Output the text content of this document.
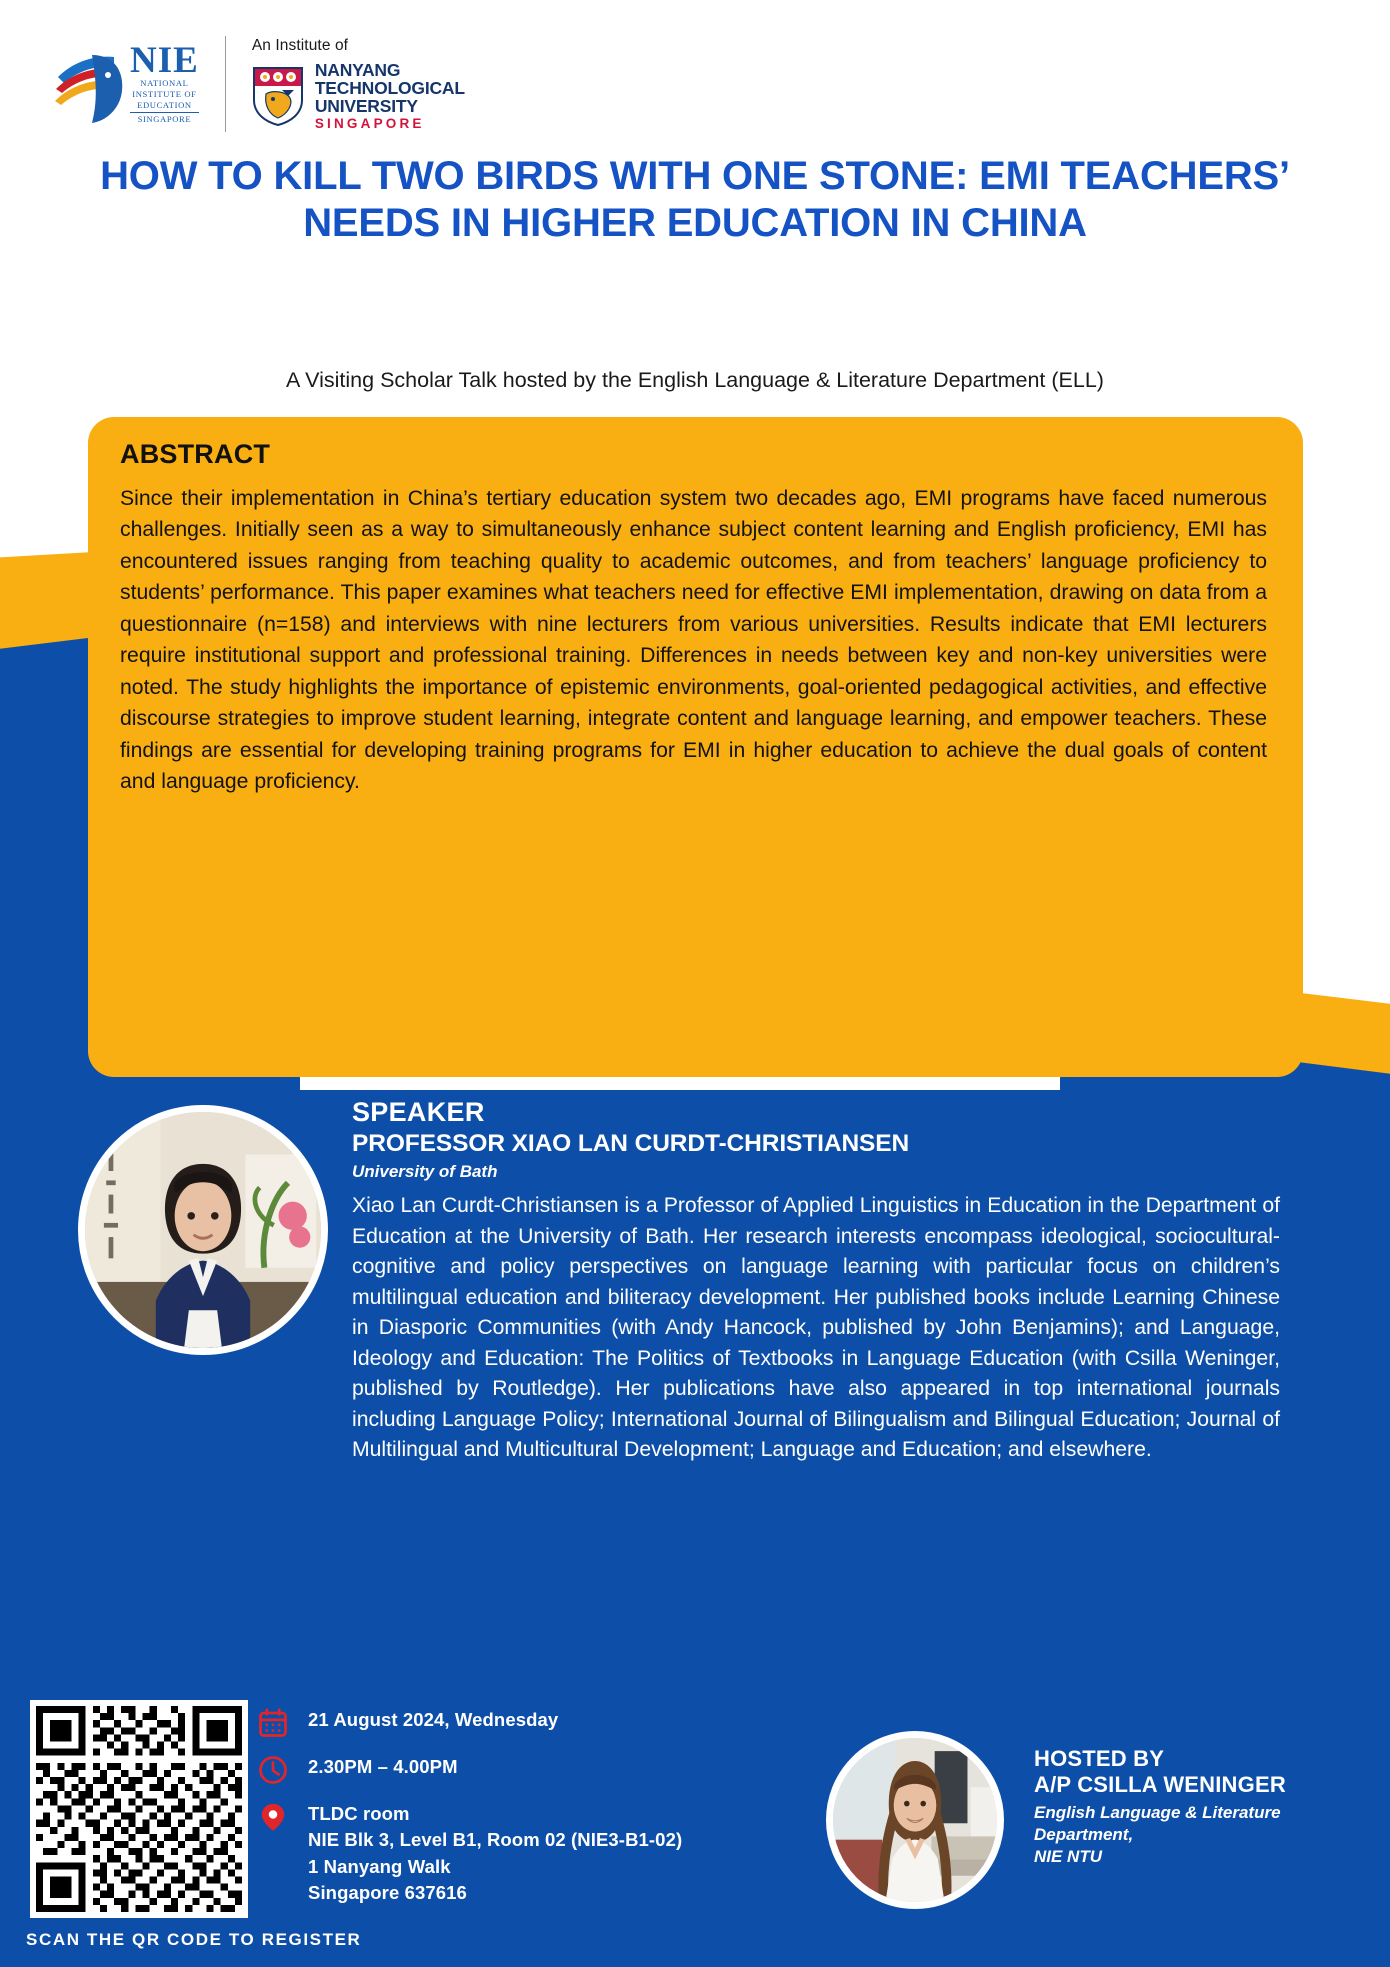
NIE
NATIONAL
INSTITUTE OF
EDUCATION
SINGAPORE
An Institute of
NANYANG
TECHNOLOGICAL
UNIVERSITY
SINGAPORE
HOW TO KILL TWO BIRDS WITH ONE STONE: EMI TEACHERS’ NEEDS IN HIGHER EDUCATION IN CHINA
A Visiting Scholar Talk hosted by the English Language & Literature Department (ELL)
ABSTRACT

Since their implementation in China’s tertiary education system two decades ago, EMI programs have faced numerous challenges. Initially seen as a way to simultaneously enhance subject content learning and English proficiency, EMI has encountered issues ranging from teaching quality to academic outcomes, and from teachers’ language proficiency to students’ performance. This paper examines what teachers need for effective EMI implementation, drawing on data from a questionnaire (n=158) and interviews with nine lecturers from various universities. Results indicate that EMI lecturers require institutional support and professional training. Differences in needs between key and non-key universities were noted. The study highlights the importance of epistemic environments, goal-oriented pedagogical activities, and effective discourse strategies to improve student learning, integrate content and language learning, and empower teachers. These findings are essential for developing training programs for EMI in higher education to achieve the dual goals of content and language proficiency.

SPEAKER
PROFESSOR XIAO LAN CURDT-CHRISTIANSEN
University of Bath

Xiao Lan Curdt-Christiansen is a Professor of Applied Linguistics in Education in the Department of Education at the University of Bath. Her research interests encompass ideological, sociocultural-cognitive and policy perspectives on language learning with particular focus on children’s multilingual education and biliteracy development. Her published books include Learning Chinese in Diasporic Communities (with Andy Hancock, published by John Benjamins); and Language, Ideology and Education: The Politics of Textbooks in Language Education (with Csilla Weninger, published by Routledge). Her publications have also appeared in top international journals including Language Policy; International Journal of Bilingualism and Bilingual Education; Journal of Multilingual and Multicultural Development; Language and Education; and elsewhere.

SCAN THE QR CODE TO REGISTER
21 August 2024, Wednesday
2.30PM – 4.00PM
TLDC room
NIE Blk 3, Level B1, Room 02 (NIE3-B1-02)
1 Nanyang Walk
Singapore 637616
HOSTED BY
A/P CSILLA WENINGER
English Language & Literature
Department,
NIE NTU
